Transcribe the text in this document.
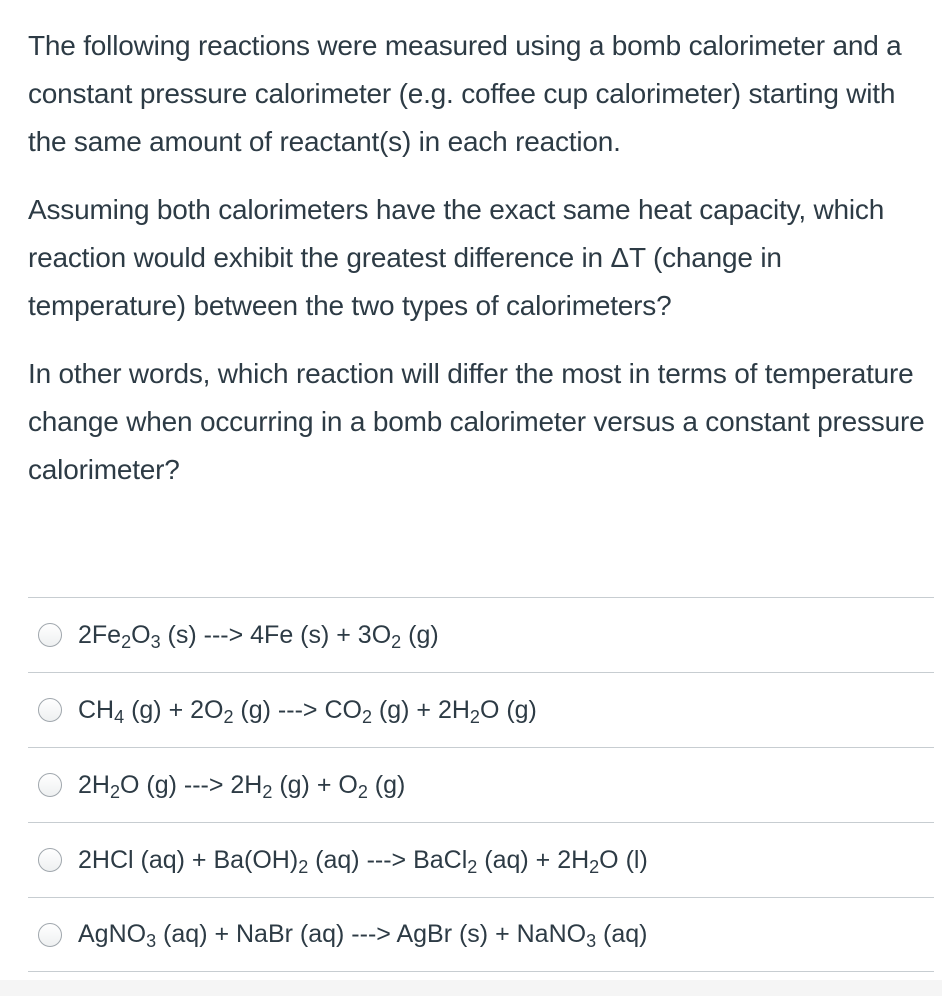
The following reactions were measured using a bomb calorimeter and a constant pressure calorimeter (e.g. coffee cup calorimeter) starting with the same amount of reactant(s) in each reaction.

Assuming both calorimeters have the exact same heat capacity, which reaction would exhibit the greatest difference in ΔT (change in temperature) between the two types of calorimeters?

In other words, which reaction will differ the most in terms of temperature change when occurring in a bomb calorimeter versus a constant pressure calorimeter?

$2Fe_2O_3$ (s) ---> 4Fe $(s) + 3O_2$ (g)
$CH_4$ $(g) + 2O_2$ (g) ---> $CO_2$ $(g) + 2H_2O$ (g)
$2H_2O$ (g) ---> $2H_2$ $(g) + O_2$ (g)
2HCl $(aq) + Ba(OH)_2$ (aq) ---> BaCl$_2$ $(aq) + 2H_2O$ (l)
AgNO$_3$ (aq) + NaBr (aq) ---> AgBr (s) + NaNO$_3$ (aq)
